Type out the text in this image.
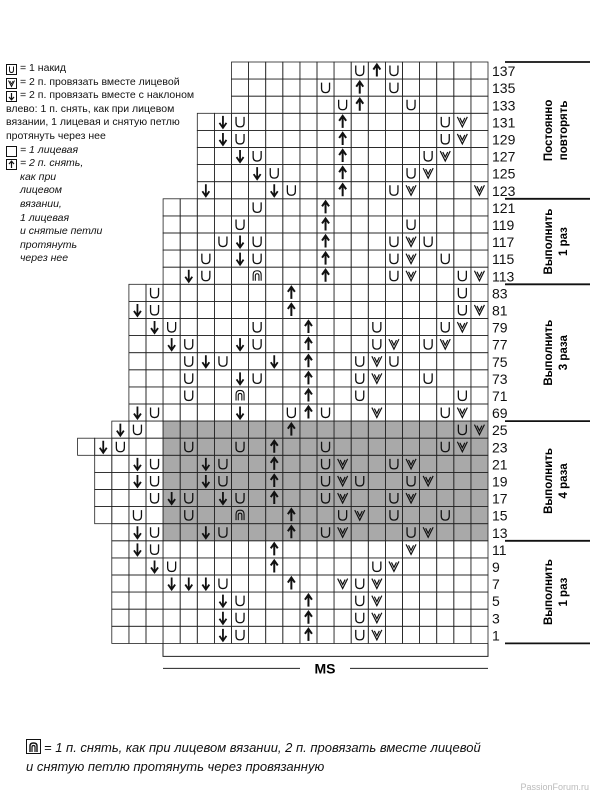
= 1 накид
= 2 п. провязать вместе лицевой
= 2 п. провязать вместе с наклоном
влево: 1 п. снять, как при лицевом
вязании, 1 лицевая и снятую петлю
протянуть через нее
= 1 лицевая
= 2 п. снять,
как при
лицевом
вязании,
1 лицевая
и снятые петли
протянуть
через нее
137
135
133
131
129
127
125
123
121
119
117
115
113
83
81
79
77
75
73
71
69
25
23
21
19
17
15
13
11
9
7
5
3
1
MS
Постоянно повторять
Выполнить 1 раз
Выполнить 3 раза
Выполнить 4 раза
Выполнить 1 раз
= 1 п. снять, как при лицевом вязании, 2 п. провязать вместе лицевой
и снятую петлю протянуть через провязанную
PassionForum.ru
